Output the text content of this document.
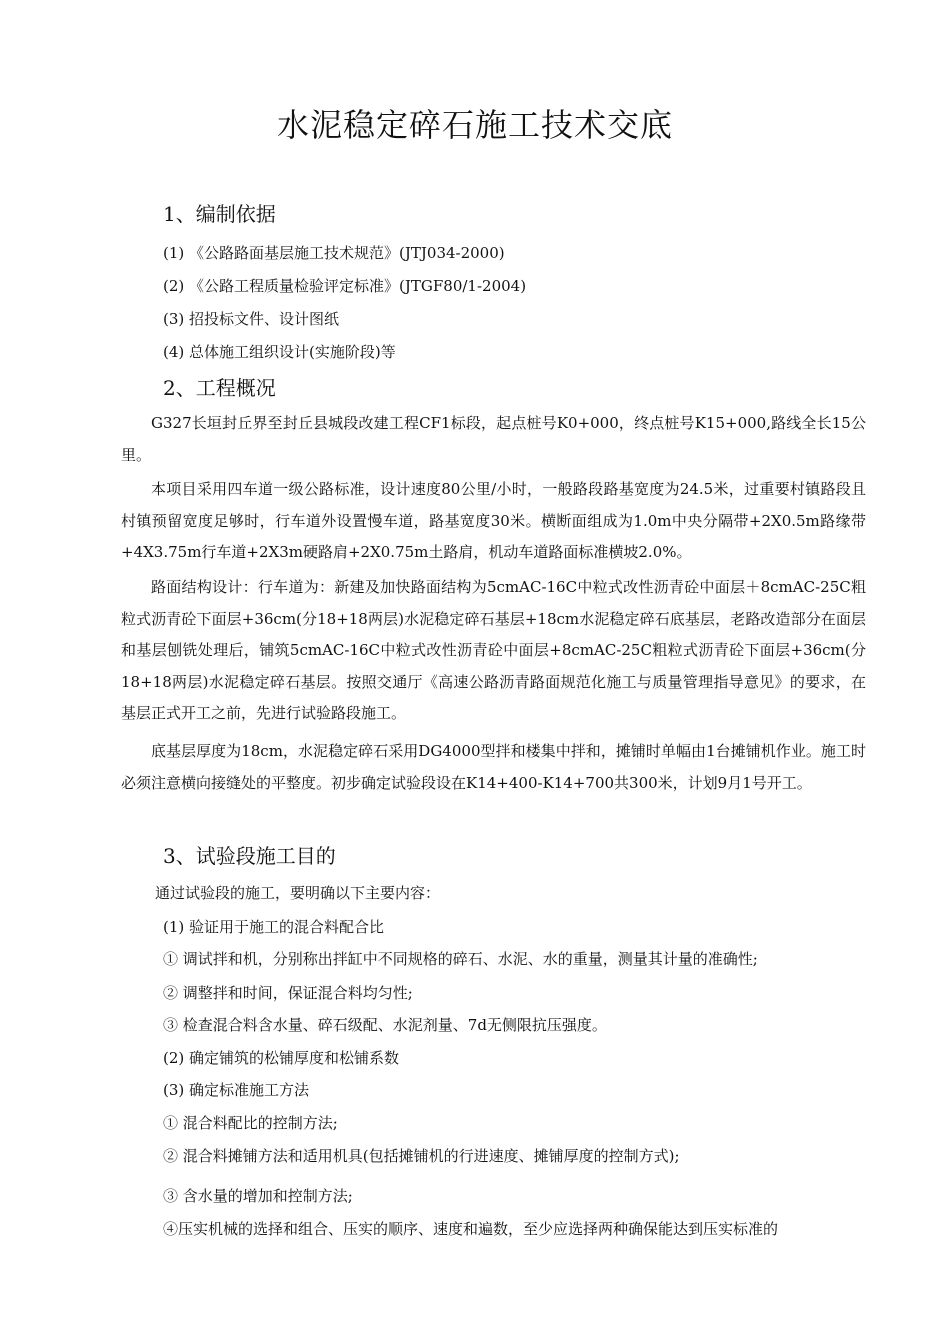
水泥稳定碎石施工技术交底
1、编制依据
(1) 《公路路面基层施工技术规范》(JTJ034-2000)
(2) 《公路工程质量检验评定标准》(JTGF80/1-2004)
(3) 招投标文件、设计图纸
(4) 总体施工组织设计(实施阶段)等
2、工程概况

G327长垣封丘界至封丘县城段改建工程CF1标段，起点桩号K0+000，终点桩号K15+000,路线全长15公里。

本项目采用四车道一级公路标准，设计速度80公里/小时，一般路段路基宽度为24.5米，过重要村镇路段且村镇预留宽度足够时，行车道外设置慢车道，路基宽度30米。横断面组成为1.0m中央分隔带+2X0.5m路缘带+4X3.75m行车道+2X3m硬路肩+2X0.75m土路肩，机动车道路面标准横坡2.0%。

路面结构设计：行车道为：新建及加快路面结构为5cmAC-16C中粒式改性沥青砼中面层＋8cmAC-25C粗粒式沥青砼下面层+36cm(分18+18两层)水泥稳定碎石基层+18cm水泥稳定碎石底基层，老路改造部分在面层和基层刨铣处理后，铺筑5cmAC-16C中粒式改性沥青砼中面层+8cmAC-25C粗粒式沥青砼下面层+36cm(分18+18两层)水泥稳定碎石基层。按照交通厅《高速公路沥青路面规范化施工与质量管理指导意见》的要求，在基层正式开工之前，先进行试验路段施工。

底基层厚度为18cm，水泥稳定碎石采用DG4000型拌和楼集中拌和，摊铺时单幅由1台摊铺机作业。施工时必须注意横向接缝处的平整度。初步确定试验段设在K14+400-K14+700共300米，计划9月1号开工。

3、试验段施工目的
通过试验段的施工，要明确以下主要内容：
(1) 验证用于施工的混合料配合比
① 调试拌和机，分别称出拌缸中不同规格的碎石、水泥、水的重量，测量其计量的准确性;
② 调整拌和时间，保证混合料均匀性;
③ 检查混合料含水量、碎石级配、水泥剂量、7d无侧限抗压强度。
(2) 确定铺筑的松铺厚度和松铺系数
(3) 确定标准施工方法
① 混合料配比的控制方法;
② 混合料摊铺方法和适用机具(包括摊铺机的行进速度、摊铺厚度的控制方式);
③ 含水量的增加和控制方法;
④压实机械的选择和组合、压实的顺序、速度和遍数，至少应选择两种确保能达到压实标准的
